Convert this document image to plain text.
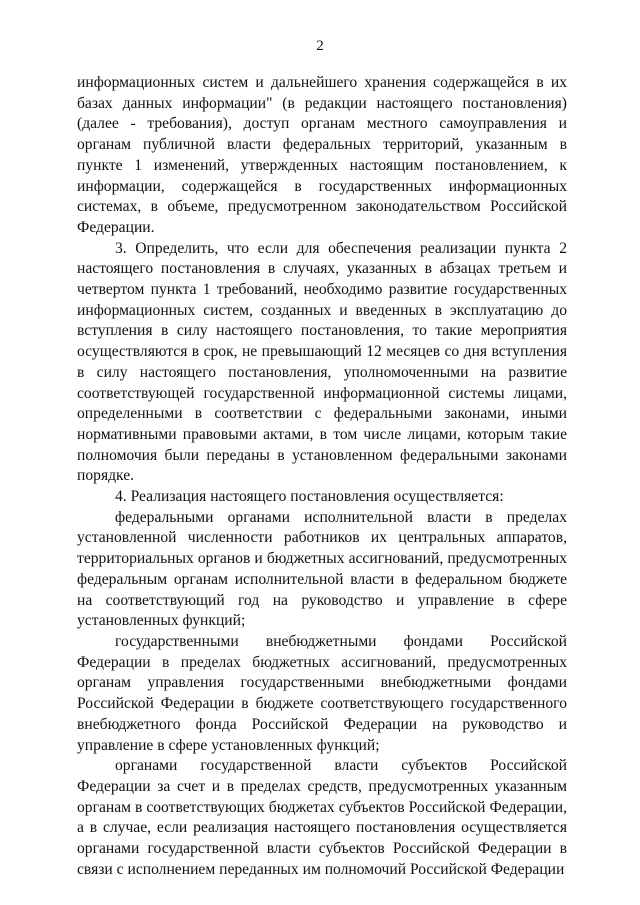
2

информационных систем и дальнейшего хранения содержащейся в их базах данных информации" (в редакции настоящего постановления) (далее - требования), доступ органам местного самоуправления и органам публичной власти федеральных территорий, указанным в пункте 1 изменений, утвержденных настоящим постановлением, к информации, содержащейся в государственных информационных системах, в объеме, предусмотренном законодательством Российской Федерации.

3. Определить, что если для обеспечения реализации пункта 2 настоящего постановления в случаях, указанных в абзацах третьем и четвертом пункта 1 требований, необходимо развитие государственных информационных систем, созданных и введенных в эксплуатацию до вступления в силу настоящего постановления, то такие мероприятия осуществляются в срок, не превышающий 12 месяцев со дня вступления в силу настоящего постановления, уполномоченными на развитие соответствующей государственной информационной системы лицами, определенными в соответствии с федеральными законами, иными нормативными правовыми актами, в том числе лицами, которым такие полномочия были переданы в установленном федеральными законами порядке.

4. Реализация настоящего постановления осуществляется:

федеральными органами исполнительной власти в пределах установленной численности работников их центральных аппаратов, территориальных органов и бюджетных ассигнований, предусмотренных федеральным органам исполнительной власти в федеральном бюджете на соответствующий год на руководство и управление в сфере установленных функций;

государственными внебюджетными фондами Российской Федерации в пределах бюджетных ассигнований, предусмотренных органам управления государственными внебюджетными фондами Российской Федерации в бюджете соответствующего государственного внебюджетного фонда Российской Федерации на руководство и управление в сфере установленных функций;

органами государственной власти субъектов Российской Федерации за счет и в пределах средств, предусмотренных указанным органам в соответствующих бюджетах субъектов Российской Федерации, а в случае, если реализация настоящего постановления осуществляется органами государственной власти субъектов Российской Федерации в связи с исполнением переданных им полномочий Российской Федерации
